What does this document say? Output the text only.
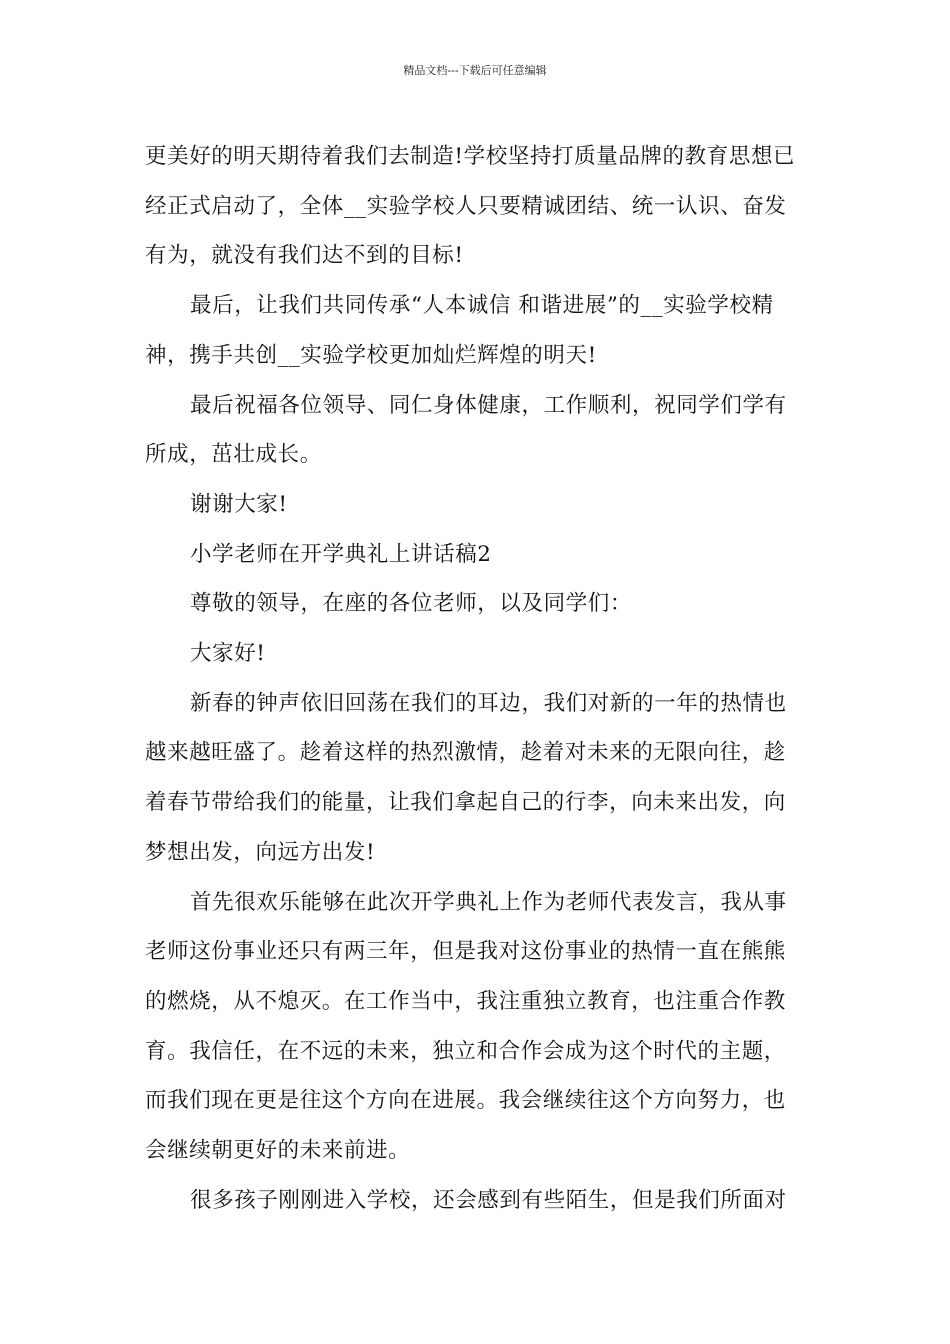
精品文档---下载后可任意编辑

更美好的明天期待着我们去制造!学校坚持打质量品牌的教育思想已
经正式启动了，全体__实验学校人只要精诚团结、统一认识、奋发
有为，就没有我们达不到的目标!

最后，让我们共同传承“人本诚信 和谐进展”的__实验学校精
神，携手共创__实验学校更加灿烂辉煌的明天!

最后祝福各位领导、同仁身体健康，工作顺利，祝同学们学有
所成，茁壮成长。

谢谢大家!

小学老师在开学典礼上讲话稿2

尊敬的领导，在座的各位老师，以及同学们：

大家好!

新春的钟声依旧回荡在我们的耳边，我们对新的一年的热情也
越来越旺盛了。趁着这样的热烈激情，趁着对未来的无限向往，趁
着春节带给我们的能量，让我们拿起自己的行李，向未来出发，向
梦想出发，向远方出发!

首先很欢乐能够在此次开学典礼上作为老师代表发言，我从事
老师这份事业还只有两三年，但是我对这份事业的热情一直在熊熊
的燃烧，从不熄灭。在工作当中，我注重独立教育，也注重合作教
育。我信任，在不远的未来，独立和合作会成为这个时代的主题，
而我们现在更是往这个方向在进展。我会继续往这个方向努力，也
会继续朝更好的未来前进。

很多孩子刚刚进入学校，还会感到有些陌生，但是我们所面对
